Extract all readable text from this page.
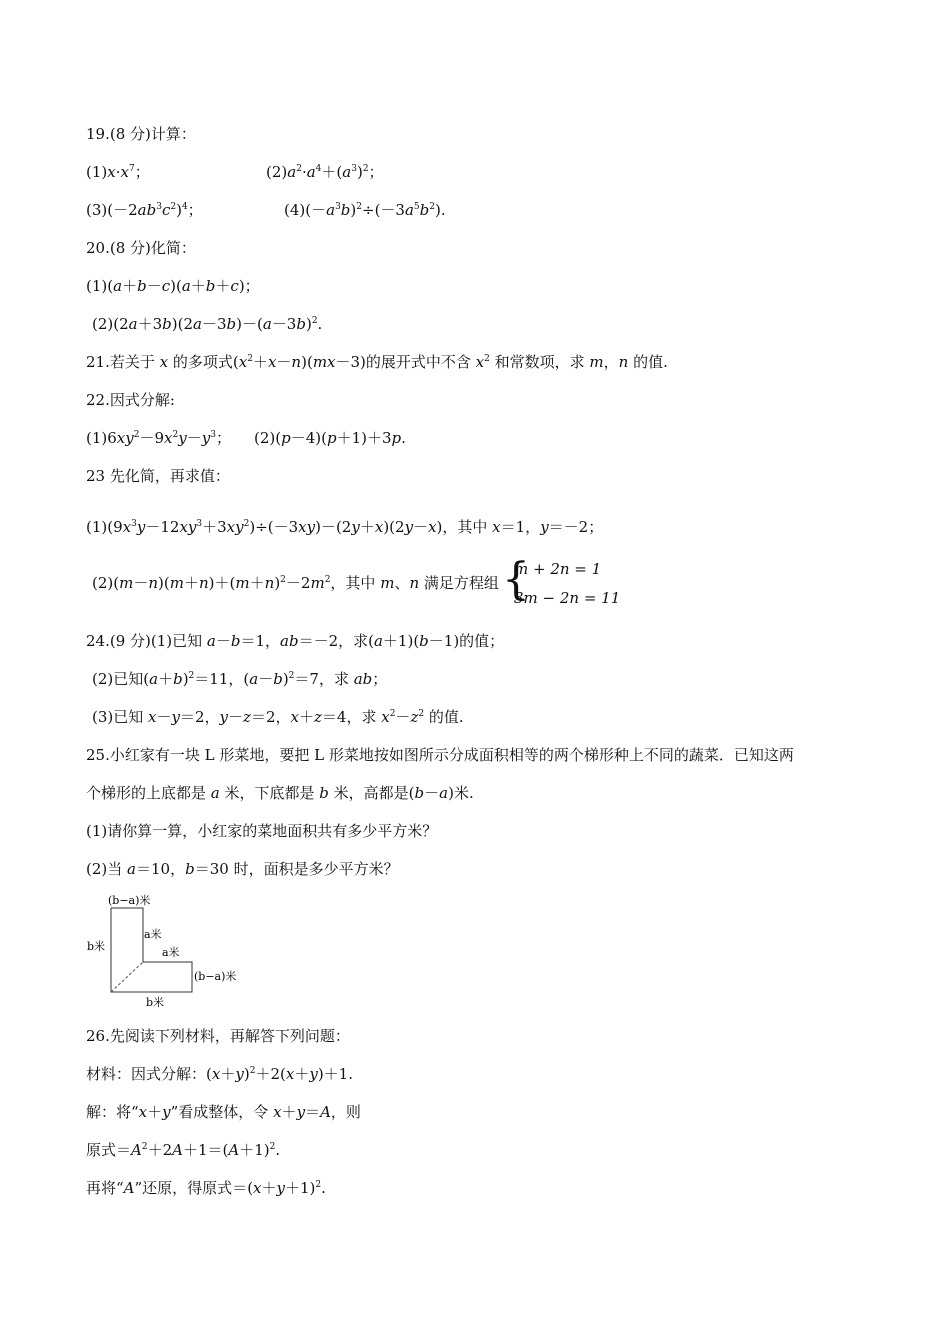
19.(8 分)计算：
$(1)x\cdot x^7$；	$(2)a^2\cdot a^4+(a^3)^2$；
$(3)(-2ab^3c^2)^4$；	$(4)(-a^3b)^2\div(-3a^5b^2)$.
20.(8 分)化简：
(1)(a＋b－c)(a＋b＋c)；
$(2)(2a+3b)(2a-3b)-(a-3b)^2$.
21.若关于 x 的多项式$(x^2+x-n)(mx-3)$的展开式中不含 $x^2$ 和常数项，求 m，n 的值.
22.因式分解:
$(1)6xy^2-9x^2y-y^3$； (2)(p－4)(p＋1)＋3p.
23 先化简，再求值：
$(1)(9x^3y-12xy^3+3xy^2)\div(-3xy)-(2y+x)(2y-x)$，其中 x＝1，y＝－2；
$(2)(m-n)(m+n)+(m+n)^2-2m^2$，其中 m、n 满足方程组 {
m + 2n = 1
3m − 2n = 11
24.(9 分)(1)已知 a－b＝1，ab＝－2，求(a＋1)(b－1)的值；
(2)已知$(a+b)^2=11$，$(a-b)^2=7$，求 ab；
(3)已知 x－y＝2，y－z＝2，x＋z＝4，求 $x^2-z^2$ 的值.
25.小红家有一块 L 形菜地，要把 L 形菜地按如图所示分成面积相等的两个梯形种上不同的蔬菜．已知这两
个梯形的上底都是 a 米，下底都是 b 米，高都是(b－a)米.
(1)请你算一算，小红家的菜地面积共有多少平方米？
(2)当 a＝10，b＝30 时，面积是多少平方米？
(b−a)米
b米
a米
a米
(b−a)米
b米
26.先阅读下列材料，再解答下列问题：
材料：因式分解：$(x+y)^2+2(x+y)+1$.
解：将“x＋y”看成整体，令 x＋y＝A，则
原式$=A^2+2A+1=(A+1)^2$.
再将“A”还原，得原式$=(x+y+1)^2$.
